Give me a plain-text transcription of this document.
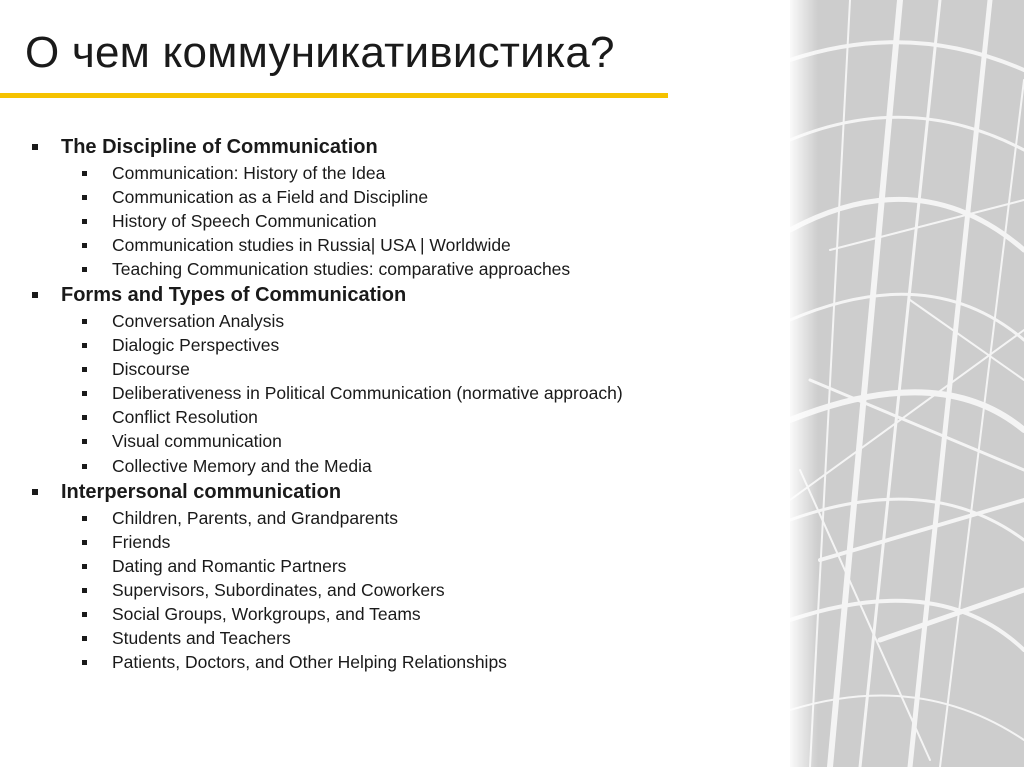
О чем коммуникативистика?
The Discipline of Communication
Communication: History of the Idea
Communication as a Field and Discipline
History of Speech Communication
Communication studies in Russia| USA | Worldwide
Teaching Communication studies: comparative approaches
Forms and Types of Communication
Conversation Analysis
Dialogic Perspectives
Discourse
Deliberativeness in Political Communication (normative approach)
Conflict Resolution
Visual communication
Collective Memory and the Media
Interpersonal communication
Children, Parents, and Grandparents
Friends
Dating and Romantic Partners
Supervisors, Subordinates, and Coworkers
Social Groups, Workgroups, and Teams
Students and Teachers
Patients, Doctors, and Other Helping Relationships
